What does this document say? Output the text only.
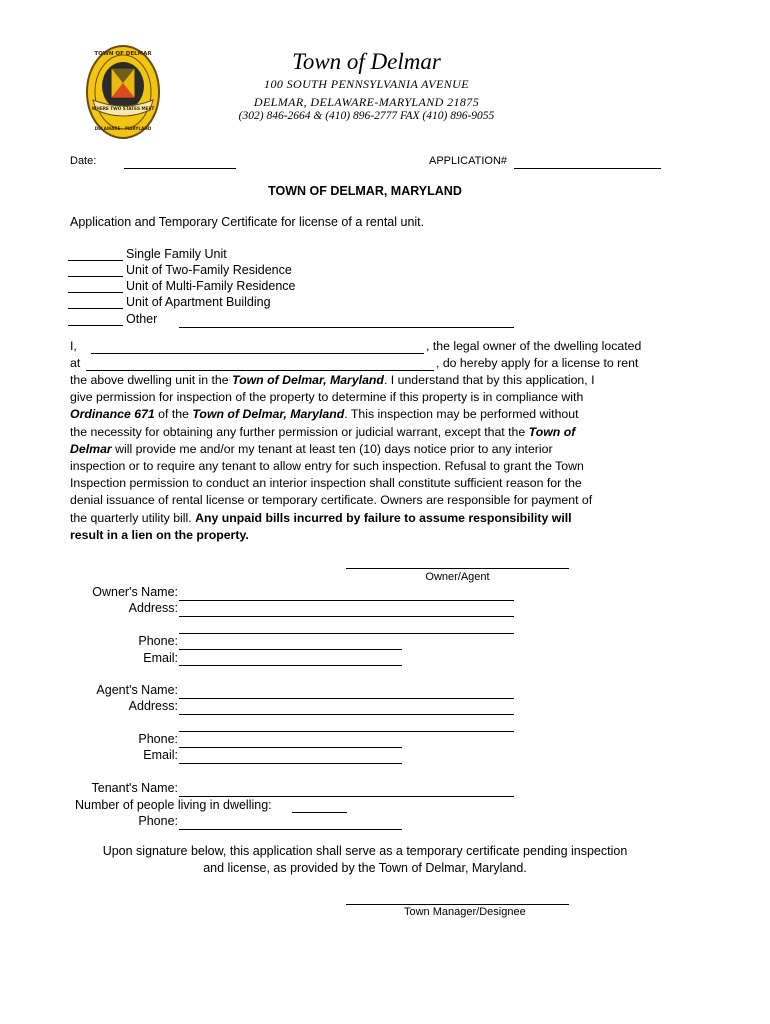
TOWN OF DELMAR
WHERE TWO STATES MEET
DELAWARE · MARYLAND
Town of Delmar
100 SOUTH PENNSYLVANIA AVENUE
DELMAR, DELAWARE-MARYLAND 21875
(302) 846-2664 & (410) 896-2777 FAX (410) 896-9055
Date:	APPLICATION#
TOWN OF DELMAR, MARYLAND
Application and Temporary Certificate for license of a rental unit.
Single Family Unit
Unit of Two-Family Residence
Unit of Multi-Family Residence
Unit of Apartment Building
Other
I,	, the legal owner of the dwelling located
at	, do hereby apply for a license to rent
the above dwelling unit in the Town of Delmar, Maryland. I understand that by this application, I
give permission for inspection of the property to determine if this property is in compliance with
Ordinance 671 of the Town of Delmar, Maryland. This inspection may be performed without
the necessity for obtaining any further permission or judicial warrant, except that the Town of
Delmar will provide me and/or my tenant at least ten (10) days notice prior to any interior
inspection or to require any tenant to allow entry for such inspection. Refusal to grant the Town
Inspection permission to conduct an interior inspection shall constitute sufficient reason for the
denial issuance of rental license or temporary certificate. Owners are responsible for payment of
the quarterly utility bill. Any unpaid bills incurred by failure to assume responsibility will
result in a lien on the property.
Owner/Agent
Owner's Name:
Address:
Phone:
Email:
Agent's Name:
Address:
Phone:
Email:
Tenant's Name:
Number of people living in dwelling:
Phone:
Upon signature below, this application shall serve as a temporary certificate pending inspection
and license, as provided by the Town of Delmar, Maryland.
Town Manager/Designee
